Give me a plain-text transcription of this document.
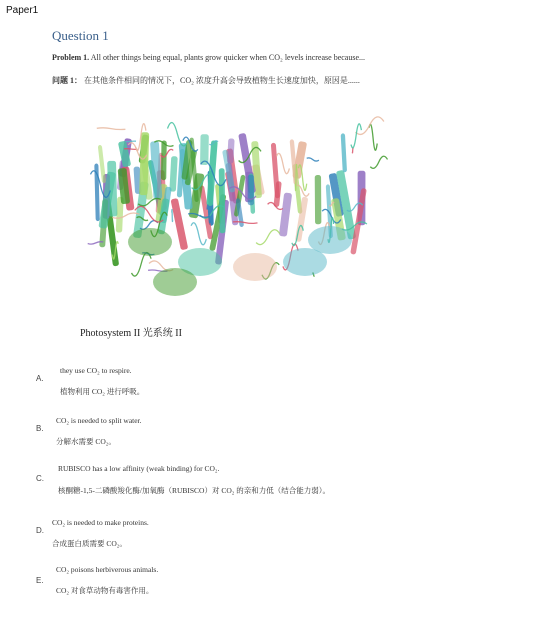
Paper1
Question 1
Problem 1. All other things being equal, plants grow quicker when CO₂ levels increase because...
问题 1： 在其他条件相同的情况下，CO₂ 浓度升高会导致植物生长速度加快，原因是......
Photosystem II 光系统 II
A.
they use CO₂ to respire.
植物利用 CO₂ 进行呼吸。
B.
CO₂ is needed to split water.
分解水需要 CO₂。
C.
RUBISCO has a low affinity (weak binding) for CO₂.
核酮糖-1,5-二磷酸羧化酶/加氧酶（RUBISCO）对 CO₂ 的亲和力低（结合能力弱）。
D.
CO₂ is needed to make proteins.
合成蛋白质需要 CO₂。
E.
CO₂ poisons herbiverous animals.
CO₂ 对食草动物有毒害作用。
